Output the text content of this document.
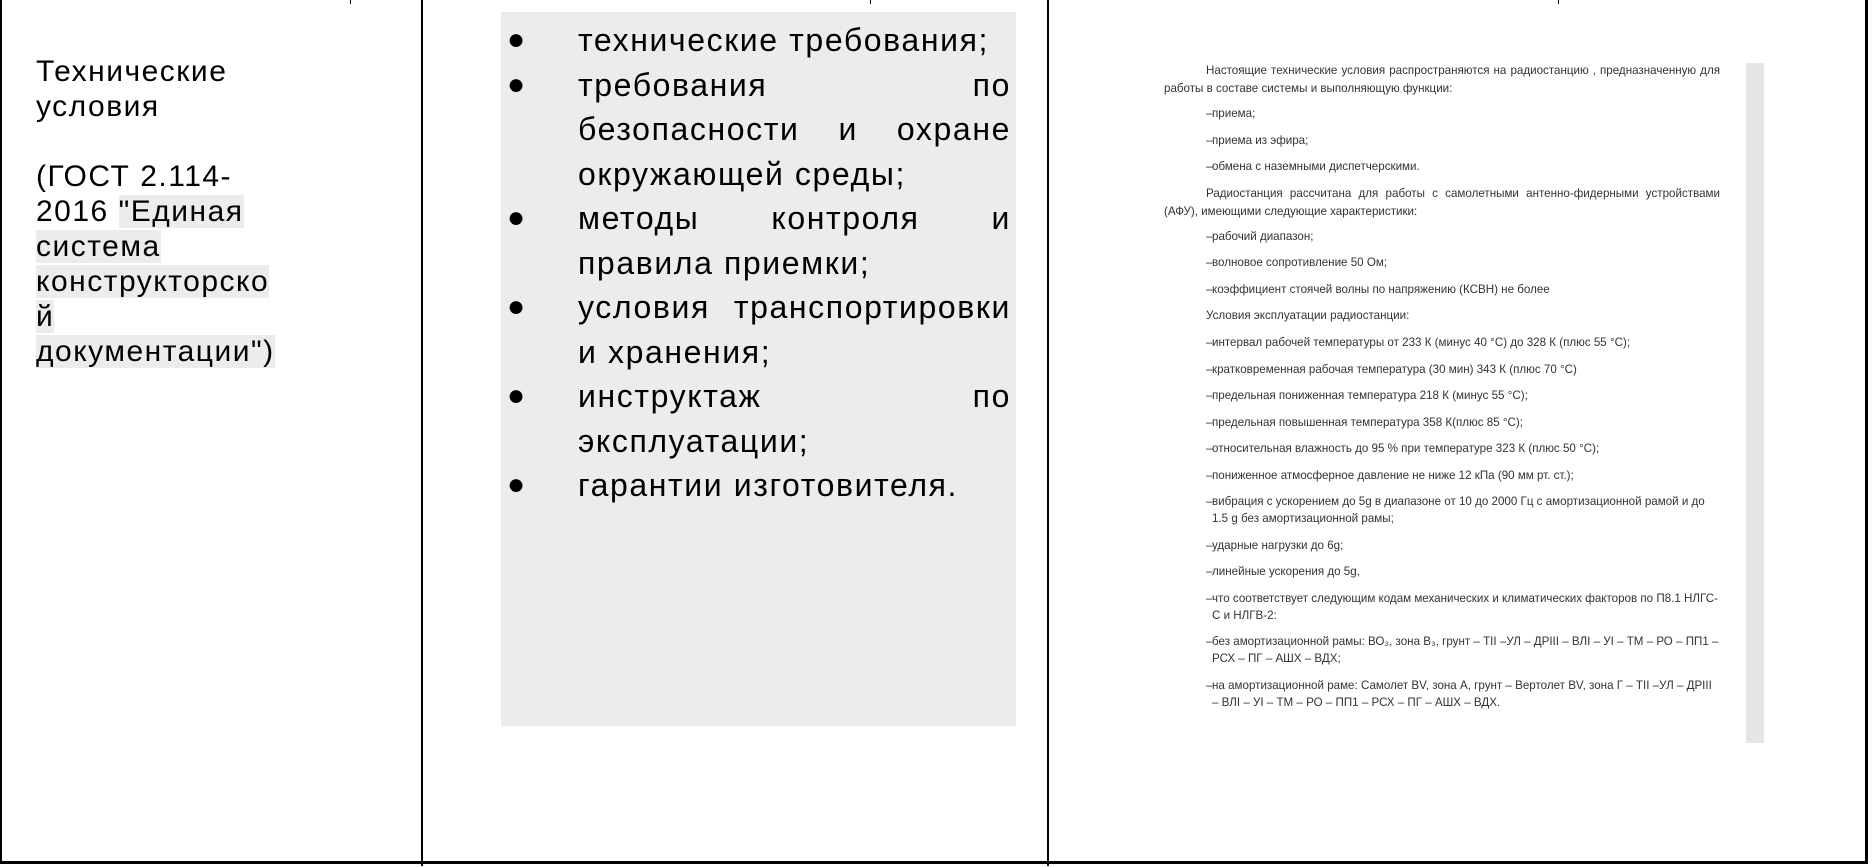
Технические
условия
(ГОСТ 2.114-
2016 "Единая
система
конструкторско
й
документации")
● технические требования;
● требования по безопасности и охране окружающей среды;
● методы контроля и правила приемки;
● условия транспортировки и хранения;
● инструктаж по эксплуатации;
● гарантии изготовителя.

Настоящие технические условия распространяются на радиостанцию , предназначенную для работы в составе системы и выполняющую функции:

– приема;
– приема из эфира;
– обмена с наземными диспетчерскими.

Радиостанция рассчитана для работы с самолетными антенно-фидерными устройствами (АФУ), имеющими следующие характеристики:

– рабочий диапазон;
– волновое сопротивление 50 Ом;
– коэффициент стоячей волны по напряжению (КСВН) не более

Условия эксплуатации радиостанции:

– интервал рабочей температуры от 233 К (минус 40 °С) до 328 К (плюс 55 °С);
– кратковременная рабочая температура (30 мин) 343 К (плюс 70 °С)
– предельная пониженная температура 218 К (минус 55 °С);
– предельная повышенная температура 358 К(плюс 85 °С);
– относительная влажность до 95 % при температуре 323 К (плюс 50 °С);
– пониженное атмосферное давление не ниже 12 кПа (90 мм рт. ст.);
– вибрация с ускорением до 5g в диапазоне от 10 до 2000 Гц с амортизационной рамой и до 1.5 g без амортизационной рамы;
– ударные нагрузки до 6g;
– линейные ускорения до 5g,
– что соответствует следующим кодам механических и климатических факторов по П8.1 НЛГС-С и НЛГВ-2:
– без амортизационной рамы: ВО₃, зона В₃, грунт – ТII –УЛ – ДРIII – ВЛI – УI – ТМ – РО – ПП1 – РСХ – ПГ – АШХ – ВДХ;
– на амортизационной раме: Самолет BV, зона А, грунт – Вертолет BV, зона Г – ТII –УЛ – ДРIII – ВЛI – УI – ТМ – РО – ПП1 – РСХ – ПГ – АШХ – ВДХ.
